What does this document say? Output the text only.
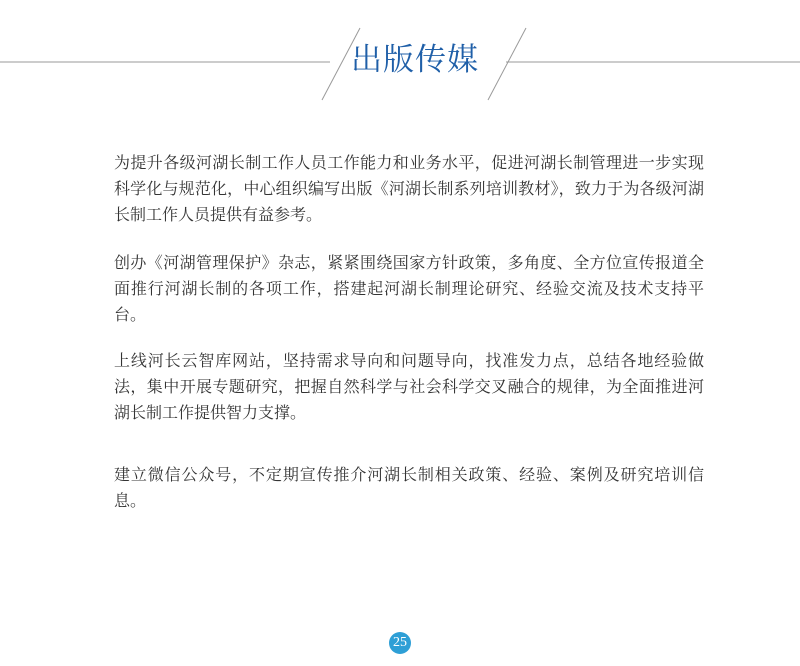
出版传媒

为提升各级河湖长制工作人员工作能力和业务水平，促进河湖长制管理进一步实现科学化与规范化，中心组织编写出版《河湖长制系列培训教材》，致力于为各级河湖长制工作人员提供有益参考。

创办《河湖管理保护》杂志，紧紧围绕国家方针政策，多角度、全方位宣传报道全面推行河湖长制的各项工作，搭建起河湖长制理论研究、经验交流及技术支持平台。

上线河长云智库网站，坚持需求导向和问题导向，找准发力点，总结各地经验做法，集中开展专题研究，把握自然科学与社会科学交叉融合的规律，为全面推进河湖长制工作提供智力支撑。

建立微信公众号，不定期宣传推介河湖长制相关政策、经验、案例及研究培训信息。

25
